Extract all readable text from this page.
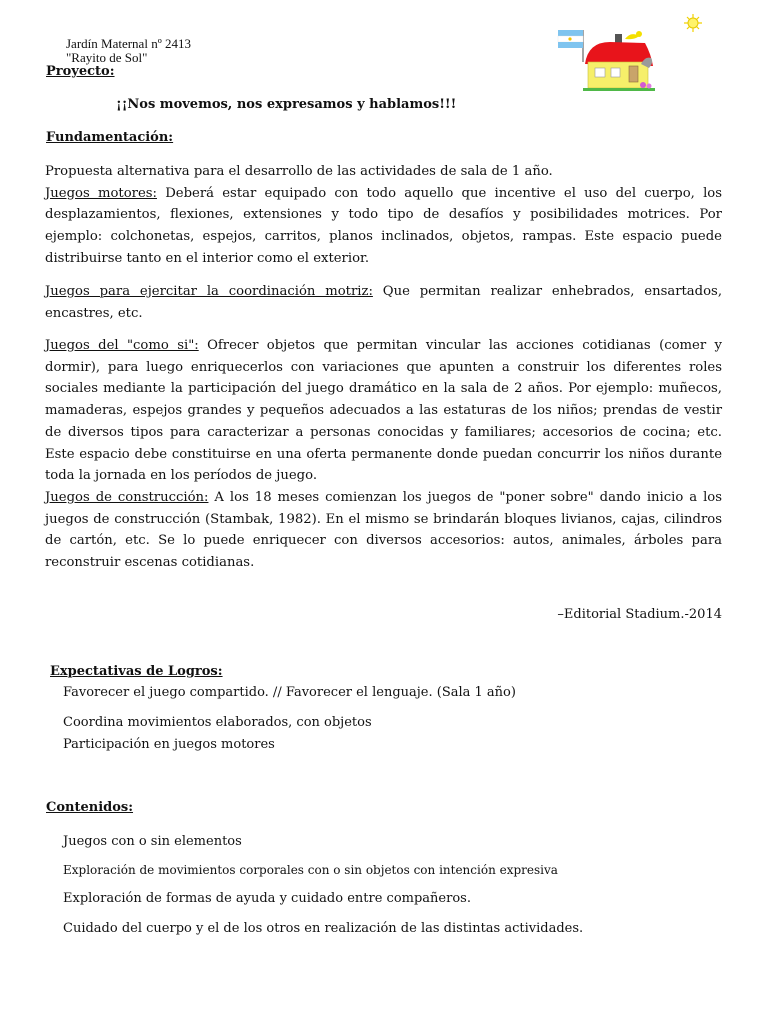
Jardín Maternal nº 2413
"Rayito de Sol"
Proyecto:
¡¡Nos movemos, nos expresamos y hablamos!!!
Fundamentación:

Propuesta alternativa para el desarrollo de las actividades de sala de 1 año.

Juegos motores: Deberá estar equipado con todo aquello que incentive el uso del cuerpo, los desplazamientos, flexiones, extensiones y todo tipo de desafíos y posibilidades motrices. Por ejemplo: colchonetas, espejos, carritos, planos inclinados, objetos, rampas. Este espacio puede distribuirse tanto en el interior como el exterior.

Juegos para ejercitar la coordinación motriz: Que permitan realizar enhebrados, ensartados, encastres, etc.

Juegos del "como si": Ofrecer objetos que permitan vincular las acciones cotidianas (comer y dormir), para luego enriquecerlos con variaciones que apunten a construir los diferentes roles sociales mediante la participación del juego dramático en la sala de 2 años. Por ejemplo: muñecos, mamaderas, espejos grandes y pequeños adecuados a las estaturas de los niños; prendas de vestir de diversos tipos para caracterizar a personas conocidas y familiares; accesorios de cocina; etc. Este espacio debe constituirse en una oferta permanente donde puedan concurrir los niños durante toda la jornada en los períodos de juego.

Juegos de construcción: A los 18 meses comienzan los juegos de "poner sobre" dando inicio a los juegos de construcción (Stambak, 1982). En el mismo se brindarán bloques livianos, cajas, cilindros de cartón, etc. Se lo puede enriquecer con diversos accesorios: autos, animales, árboles para reconstruir escenas cotidianas.

–Editorial Stadium.-2014
Expectativas de Logros:
Favorecer el juego compartido. // Favorecer el lenguaje. (Sala 1 año)
Coordina movimientos elaborados, con objetos
Participación en juegos motores
Contenidos:
Juegos con o sin elementos
Exploración de movimientos corporales con o sin objetos con intención expresiva
Exploración de formas de ayuda y cuidado entre compañeros.
Cuidado del cuerpo y el de los otros en realización de las distintas actividades.
